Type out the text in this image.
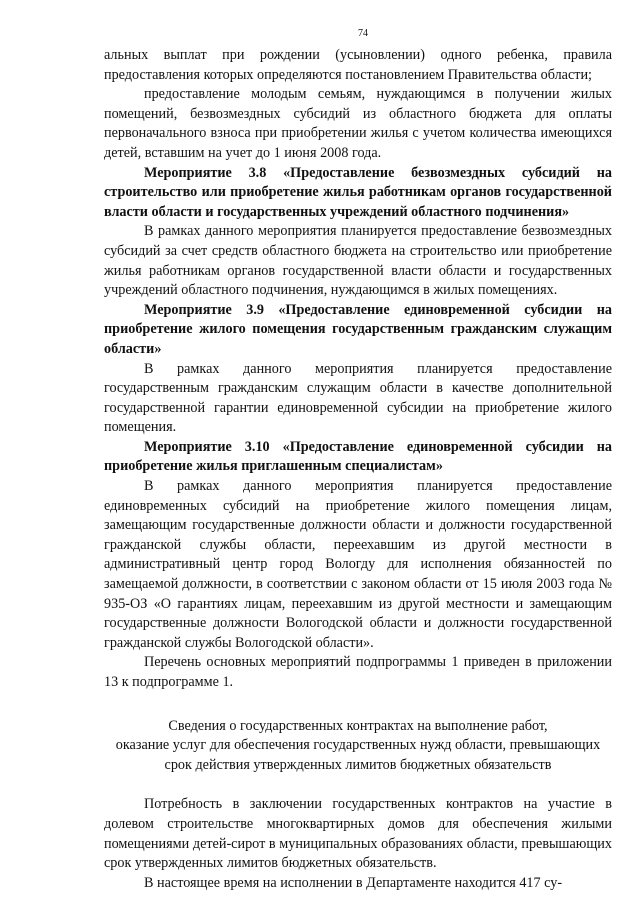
74

альных выплат при рождении (усыновлении) одного ребенка, правила предоставления которых определяются постановлением Правительства области;

предоставление молодым семьям, нуждающимся в получении жилых помещений, безвозмездных субсидий из областного бюджета для оплаты первоначального взноса при приобретении жилья с учетом количества имеющихся детей, вставшим на учет до 1 июня 2008 года.

Мероприятие 3.8 «Предоставление безвозмездных субсидий на строительство или приобретение жилья работникам органов государственной власти области и государственных учреждений областного подчинения»

В рамках данного мероприятия планируется предоставление безвозмездных субсидий за счет средств областного бюджета на строительство или приобретение жилья работникам органов государственной власти области и государственных учреждений областного подчинения, нуждающимся в жилых помещениях.

Мероприятие 3.9 «Предоставление единовременной субсидии на приобретение жилого помещения государственным гражданским служащим области»

В рамках данного мероприятия планируется предоставление государственным гражданским служащим области в качестве дополнительной государственной гарантии единовременной субсидии на приобретение жилого помещения.

Мероприятие 3.10 «Предоставление единовременной субсидии на приобретение жилья приглашенным специалистам»

В рамках данного мероприятия планируется предоставление единовременных субсидий на приобретение жилого помещения лицам, замещающим государственные должности области и должности государственной гражданской службы области, переехавшим из другой местности в административный центр город Вологду для исполнения обязанностей по замещаемой должности, в соответствии с законом области от 15 июля 2003 года № 935-ОЗ «О гарантиях лицам, переехавшим из другой местности и замещающим государственные должности Вологодской области и должности государственной гражданской службы Вологодской области».

Перечень основных мероприятий подпрограммы 1 приведен в приложении 13 к подпрограмме 1.

Сведения о государственных контрактах на выполнение работ,

оказание услуг для обеспечения государственных нужд области, превышающих срок действия утвержденных лимитов бюджетных обязательств

Потребность в заключении государственных контрактов на участие в долевом строительстве многоквартирных домов для обеспечения жилыми помещениями детей-сирот в муниципальных образованиях области, превышающих срок утвержденных лимитов бюджетных обязательств.

В настоящее время на исполнении в Департаменте находится 417 су-
